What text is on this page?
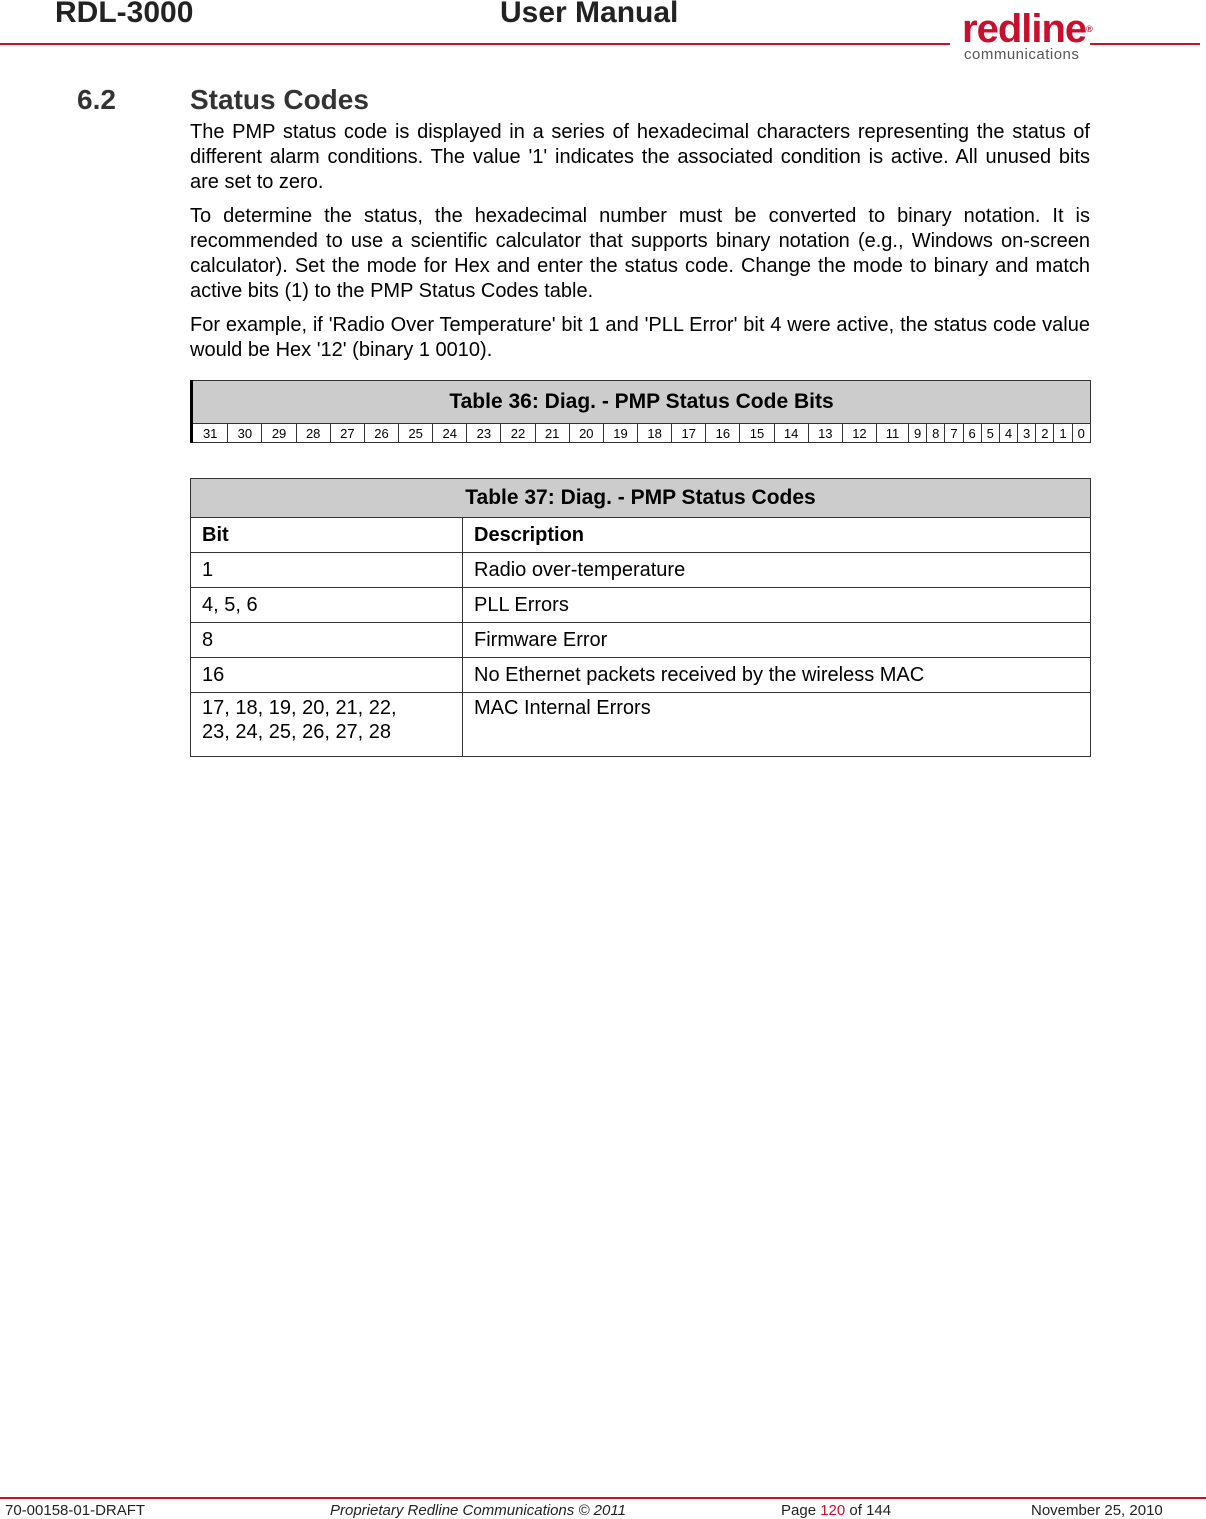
RDL-3000	User Manual	redline®
communications
6.2	Status Codes

The PMP status code is displayed in a series of hexadecimal characters representing the status of different alarm conditions. The value '1' indicates the associated condition is active. All unused bits are set to zero.

To determine the status, the hexadecimal number must be converted to binary notation. It is recommended to use a scientific calculator that supports binary notation (e.g., Windows on-screen calculator). Set the mode for Hex and enter the status code. Change the mode to binary and match active bits (1) to the PMP Status Codes table.

For example, if 'Radio Over Temperature' bit 1 and 'PLL Error' bit 4 were active, the status code value would be Hex '12' (binary 1 0010).

Table 36: Diag. - PMP Status Code Bits
31	30	29	28	27	26	25	24	23	22	21	20	19	18	17	16	15	14	13	12	11	9	8	7	6	5	4	3	2	1	0
Table 37: Diag. - PMP Status Codes	
Bit	Description
1	Radio over-temperature
4, 5, 6	PLL Errors
8	Firmware Error
16	No Ethernet packets received by the wireless MAC

17, 18, 19, 20, 21, 22,
23, 24, 25, 26, 27, 28	MAC Internal Errors
70-00158-01-DRAFT	Proprietary Redline Communications © 2011	Page 120 of 144	November 25, 2010
